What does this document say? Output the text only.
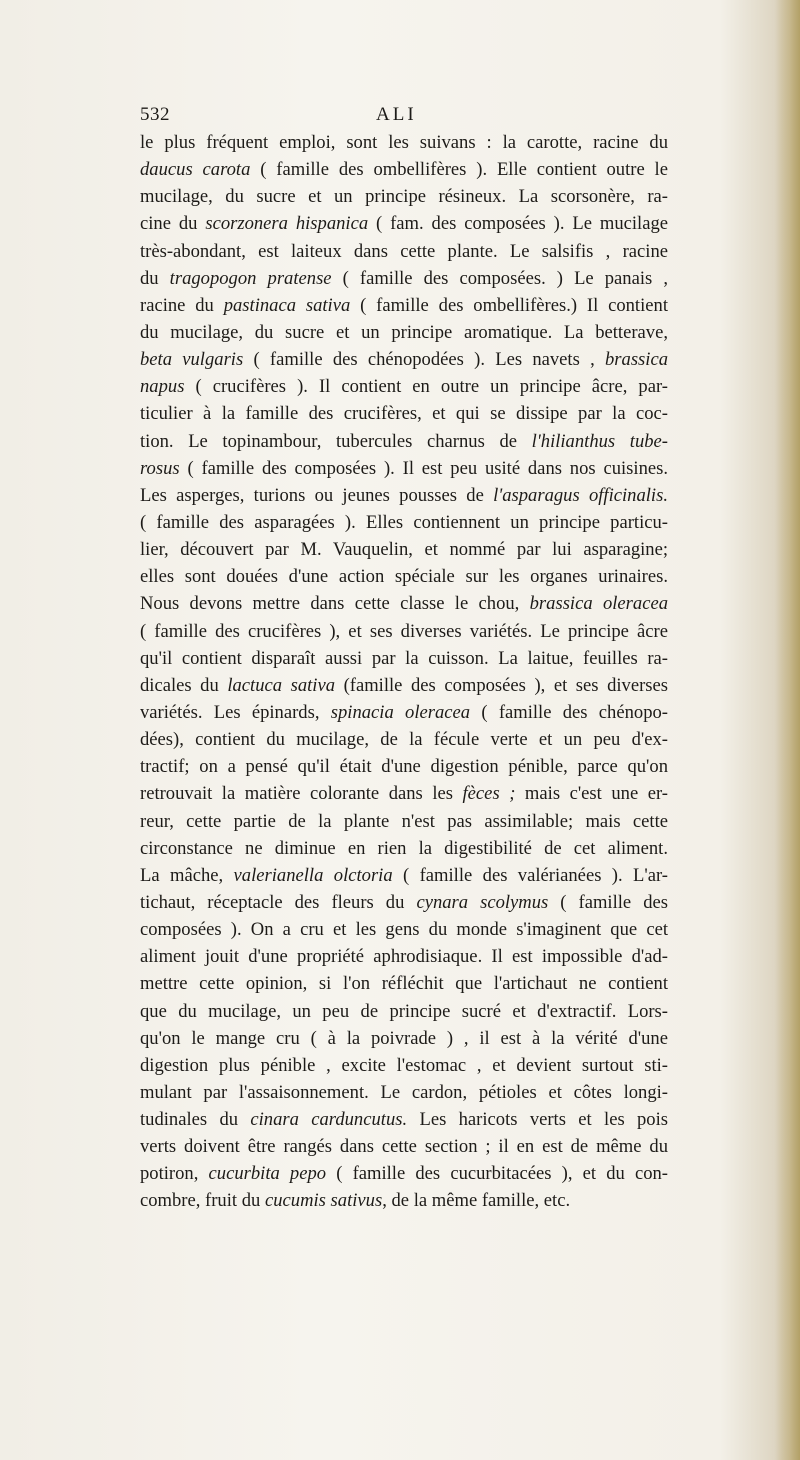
532	ALI
le plus fréquent emploi, sont les suivans : la carotte, racine du
daucus carota ( famille des ombellifères ). Elle contient outre le
mucilage, du sucre et un principe résineux. La scorsonère, ra-
cine du scorzonera hispanica ( fam. des composées ). Le mucilage
très-abondant, est laiteux dans cette plante. Le salsifis , racine
du tragopogon pratense ( famille des composées. ) Le panais ,
racine du pastinaca sativa ( famille des ombellifères.) Il contient
du mucilage, du sucre et un principe aromatique. La betterave,
beta vulgaris ( famille des chénopodées ). Les navets , brassica
napus ( crucifères ). Il contient en outre un principe âcre, par-
ticulier à la famille des crucifères, et qui se dissipe par la coc-
tion. Le topinambour, tubercules charnus de l'hilianthus tube-
rosus ( famille des composées ). Il est peu usité dans nos cuisines.
Les asperges, turions ou jeunes pousses de l'asparagus officinalis.
( famille des asparagées ). Elles contiennent un principe particu-
lier, découvert par M. Vauquelin, et nommé par lui asparagine;
elles sont douées d'une action spéciale sur les organes urinaires.
Nous devons mettre dans cette classe le chou, brassica oleracea
( famille des crucifères ), et ses diverses variétés. Le principe âcre
qu'il contient disparaît aussi par la cuisson. La laitue, feuilles ra-
dicales du lactuca sativa (famille des composées ), et ses diverses
variétés. Les épinards, spinacia oleracea ( famille des chénopo-
dées), contient du mucilage, de la fécule verte et un peu d'ex-
tractif; on a pensé qu'il était d'une digestion pénible, parce qu'on
retrouvait la matière colorante dans les fèces ; mais c'est une er-
reur, cette partie de la plante n'est pas assimilable; mais cette
circonstance ne diminue en rien la digestibilité de cet aliment.
La mâche, valerianella olctoria ( famille des valérianées ). L'ar-
tichaut, réceptacle des fleurs du cynara scolymus ( famille des
composées ). On a cru et les gens du monde s'imaginent que cet
aliment jouit d'une propriété aphrodisiaque. Il est impossible d'ad-
mettre cette opinion, si l'on réfléchit que l'artichaut ne contient
que du mucilage, un peu de principe sucré et d'extractif. Lors-
qu'on le mange cru ( à la poivrade ) , il est à la vérité d'une
digestion plus pénible , excite l'estomac , et devient surtout sti-
mulant par l'assaisonnement. Le cardon, pétioles et côtes longi-
tudinales du cinara carduncutus. Les haricots verts et les pois
verts doivent être rangés dans cette section ; il en est de même du
potiron, cucurbita pepo ( famille des cucurbitacées ), et du con-
combre, fruit du cucumis sativus, de la même famille, etc.
